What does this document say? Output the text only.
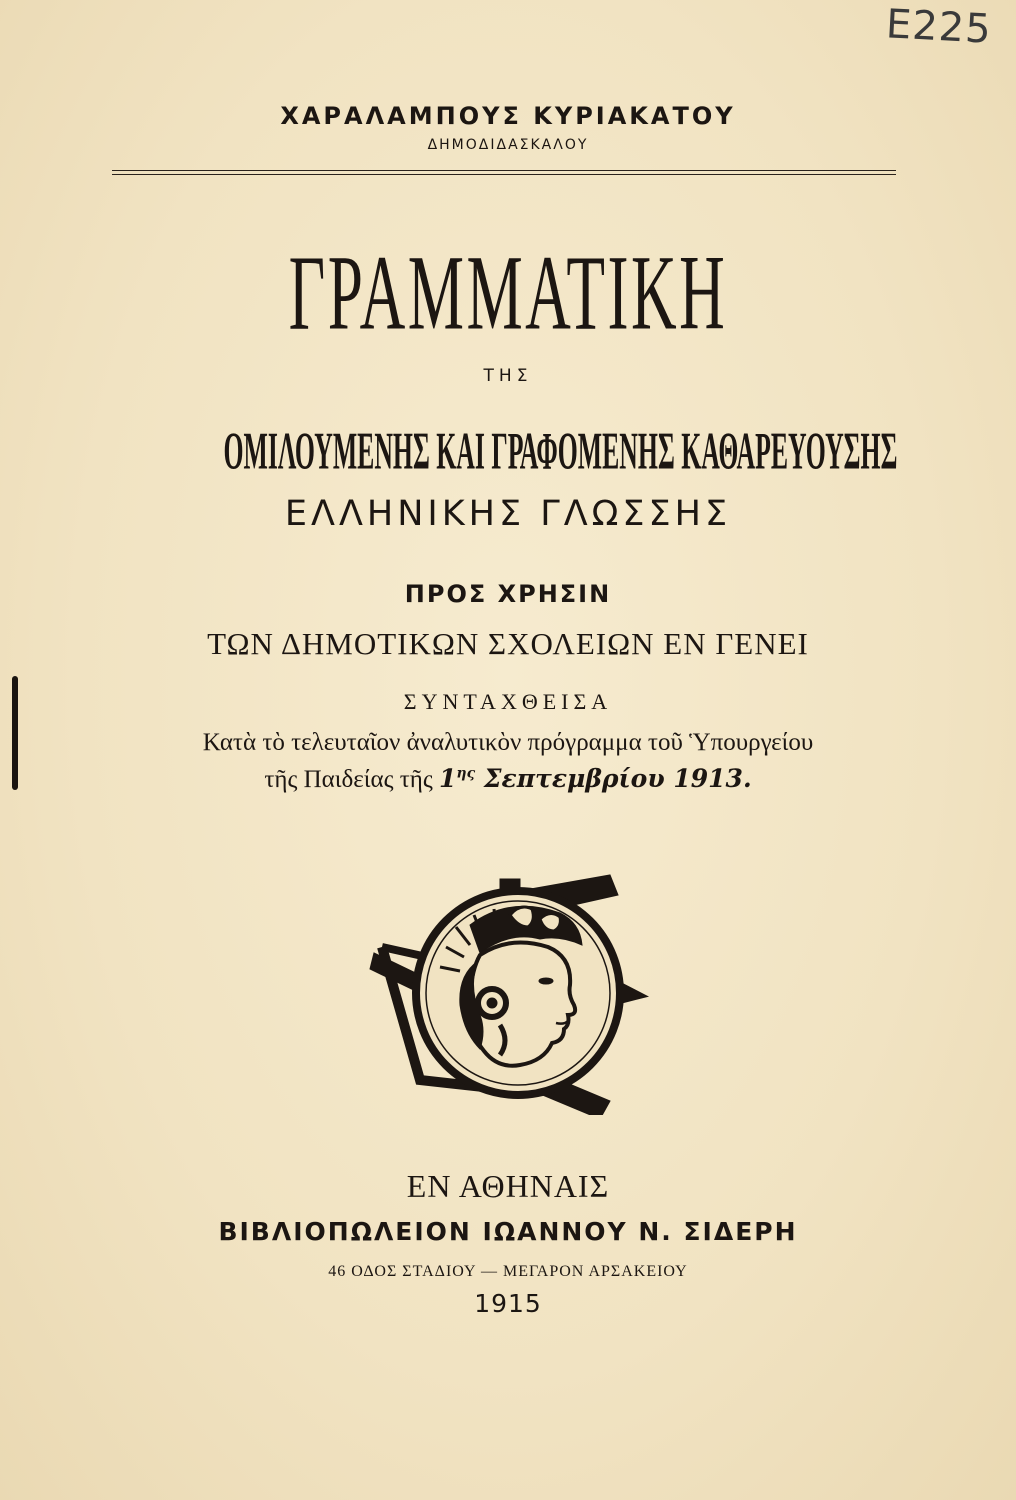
Ε225
ΧΑΡΑΛΑΜΠΟΥΣ ΚΥΡΙΑΚΑΤΟΥ
ΔΗΜΟΔΙΔΑΣΚΑΛΟΥ
ΓΡΑΜΜΑΤΙΚΗ
ΤΗΣ
ΟΜΙΛΟΥΜΕΝΗΣ ΚΑΙ ΓΡΑΦΟΜΕΝΗΣ ΚΑΘΑΡΕΥΟΥΣΗΣ
ΕΛΛΗΝΙΚΗΣ ΓΛΩΣΣΗΣ
ΠΡΟΣ ΧΡΗΣΙΝ
ΤΩΝ ΔΗΜΟΤΙΚΩΝ ΣΧΟΛΕΙΩΝ ΕΝ ΓΕΝΕΙ
ΣΥΝΤΑΧΘΕΙΣΑ
Κατὰ τὸ τελευταῖον ἀναλυτικὸν πρόγραμμα τοῦ Ὑπουργείου
τῆς Παιδείας τῆς $1^{\eta\varsigma}$ Σεπτεμβρίου 1913.
ΕΝ ΑΘΗΝΑΙΣ
ΒΙΒΛΙΟΠΩΛΕΙΟΝ ΙΩΑΝΝΟΥ Ν. ΣΙΔΕΡΗ
46 ΟΔΟΣ ΣΤΑΔΙΟΥ — ΜΕΓΑΡΟΝ ΑΡΣΑΚΕΙΟΥ
1915
